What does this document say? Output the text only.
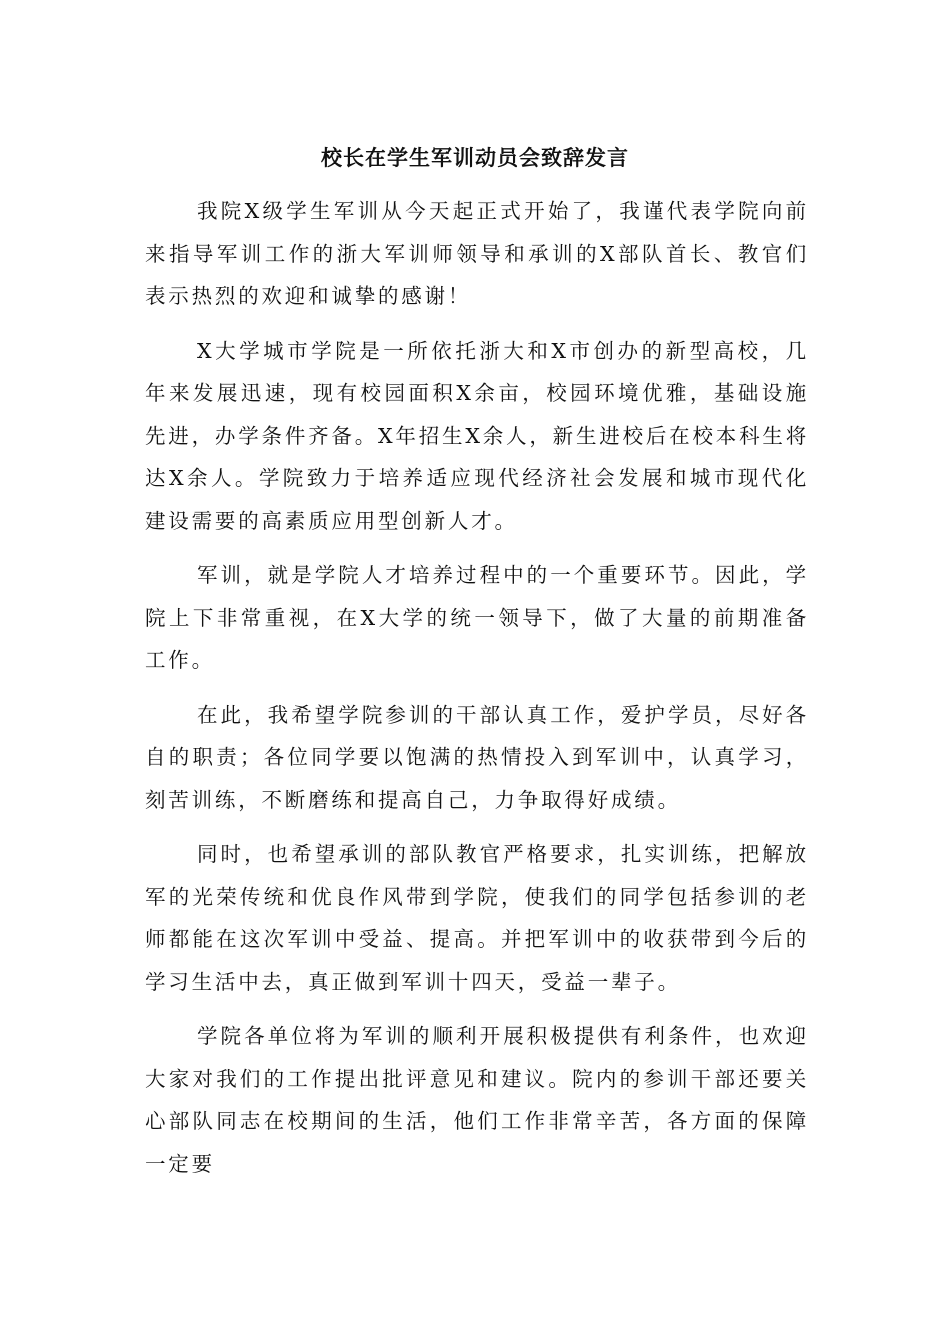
校长在学生军训动员会致辞发言

我院X级学生军训从今天起正式开始了，我谨代表学院向前来指导军训工作的浙大军训师领导和承训的X部队首长、教官们表示热烈的欢迎和诚挚的感谢！

X大学城市学院是一所依托浙大和X市创办的新型高校，几年来发展迅速，现有校园面积X余亩，校园环境优雅，基础设施先进，办学条件齐备。X年招生X余人，新生进校后在校本科生将达X余人。学院致力于培养适应现代经济社会发展和城市现代化建设需要的高素质应用型创新人才。

军训，就是学院人才培养过程中的一个重要环节。因此，学院上下非常重视，在X大学的统一领导下，做了大量的前期准备工作。

在此，我希望学院参训的干部认真工作，爱护学员，尽好各自的职责；各位同学要以饱满的热情投入到军训中，认真学习，刻苦训练，不断磨练和提高自己，力争取得好成绩。

同时，也希望承训的部队教官严格要求，扎实训练，把解放军的光荣传统和优良作风带到学院，使我们的同学包括参训的老师都能在这次军训中受益、提高。并把军训中的收获带到今后的学习生活中去，真正做到军训十四天，受益一辈子。

学院各单位将为军训的顺利开展积极提供有利条件，也欢迎大家对我们的工作提出批评意见和建议。院内的参训干部还要关心部队同志在校期间的生活，他们工作非常辛苦，各方面的保障一定要
